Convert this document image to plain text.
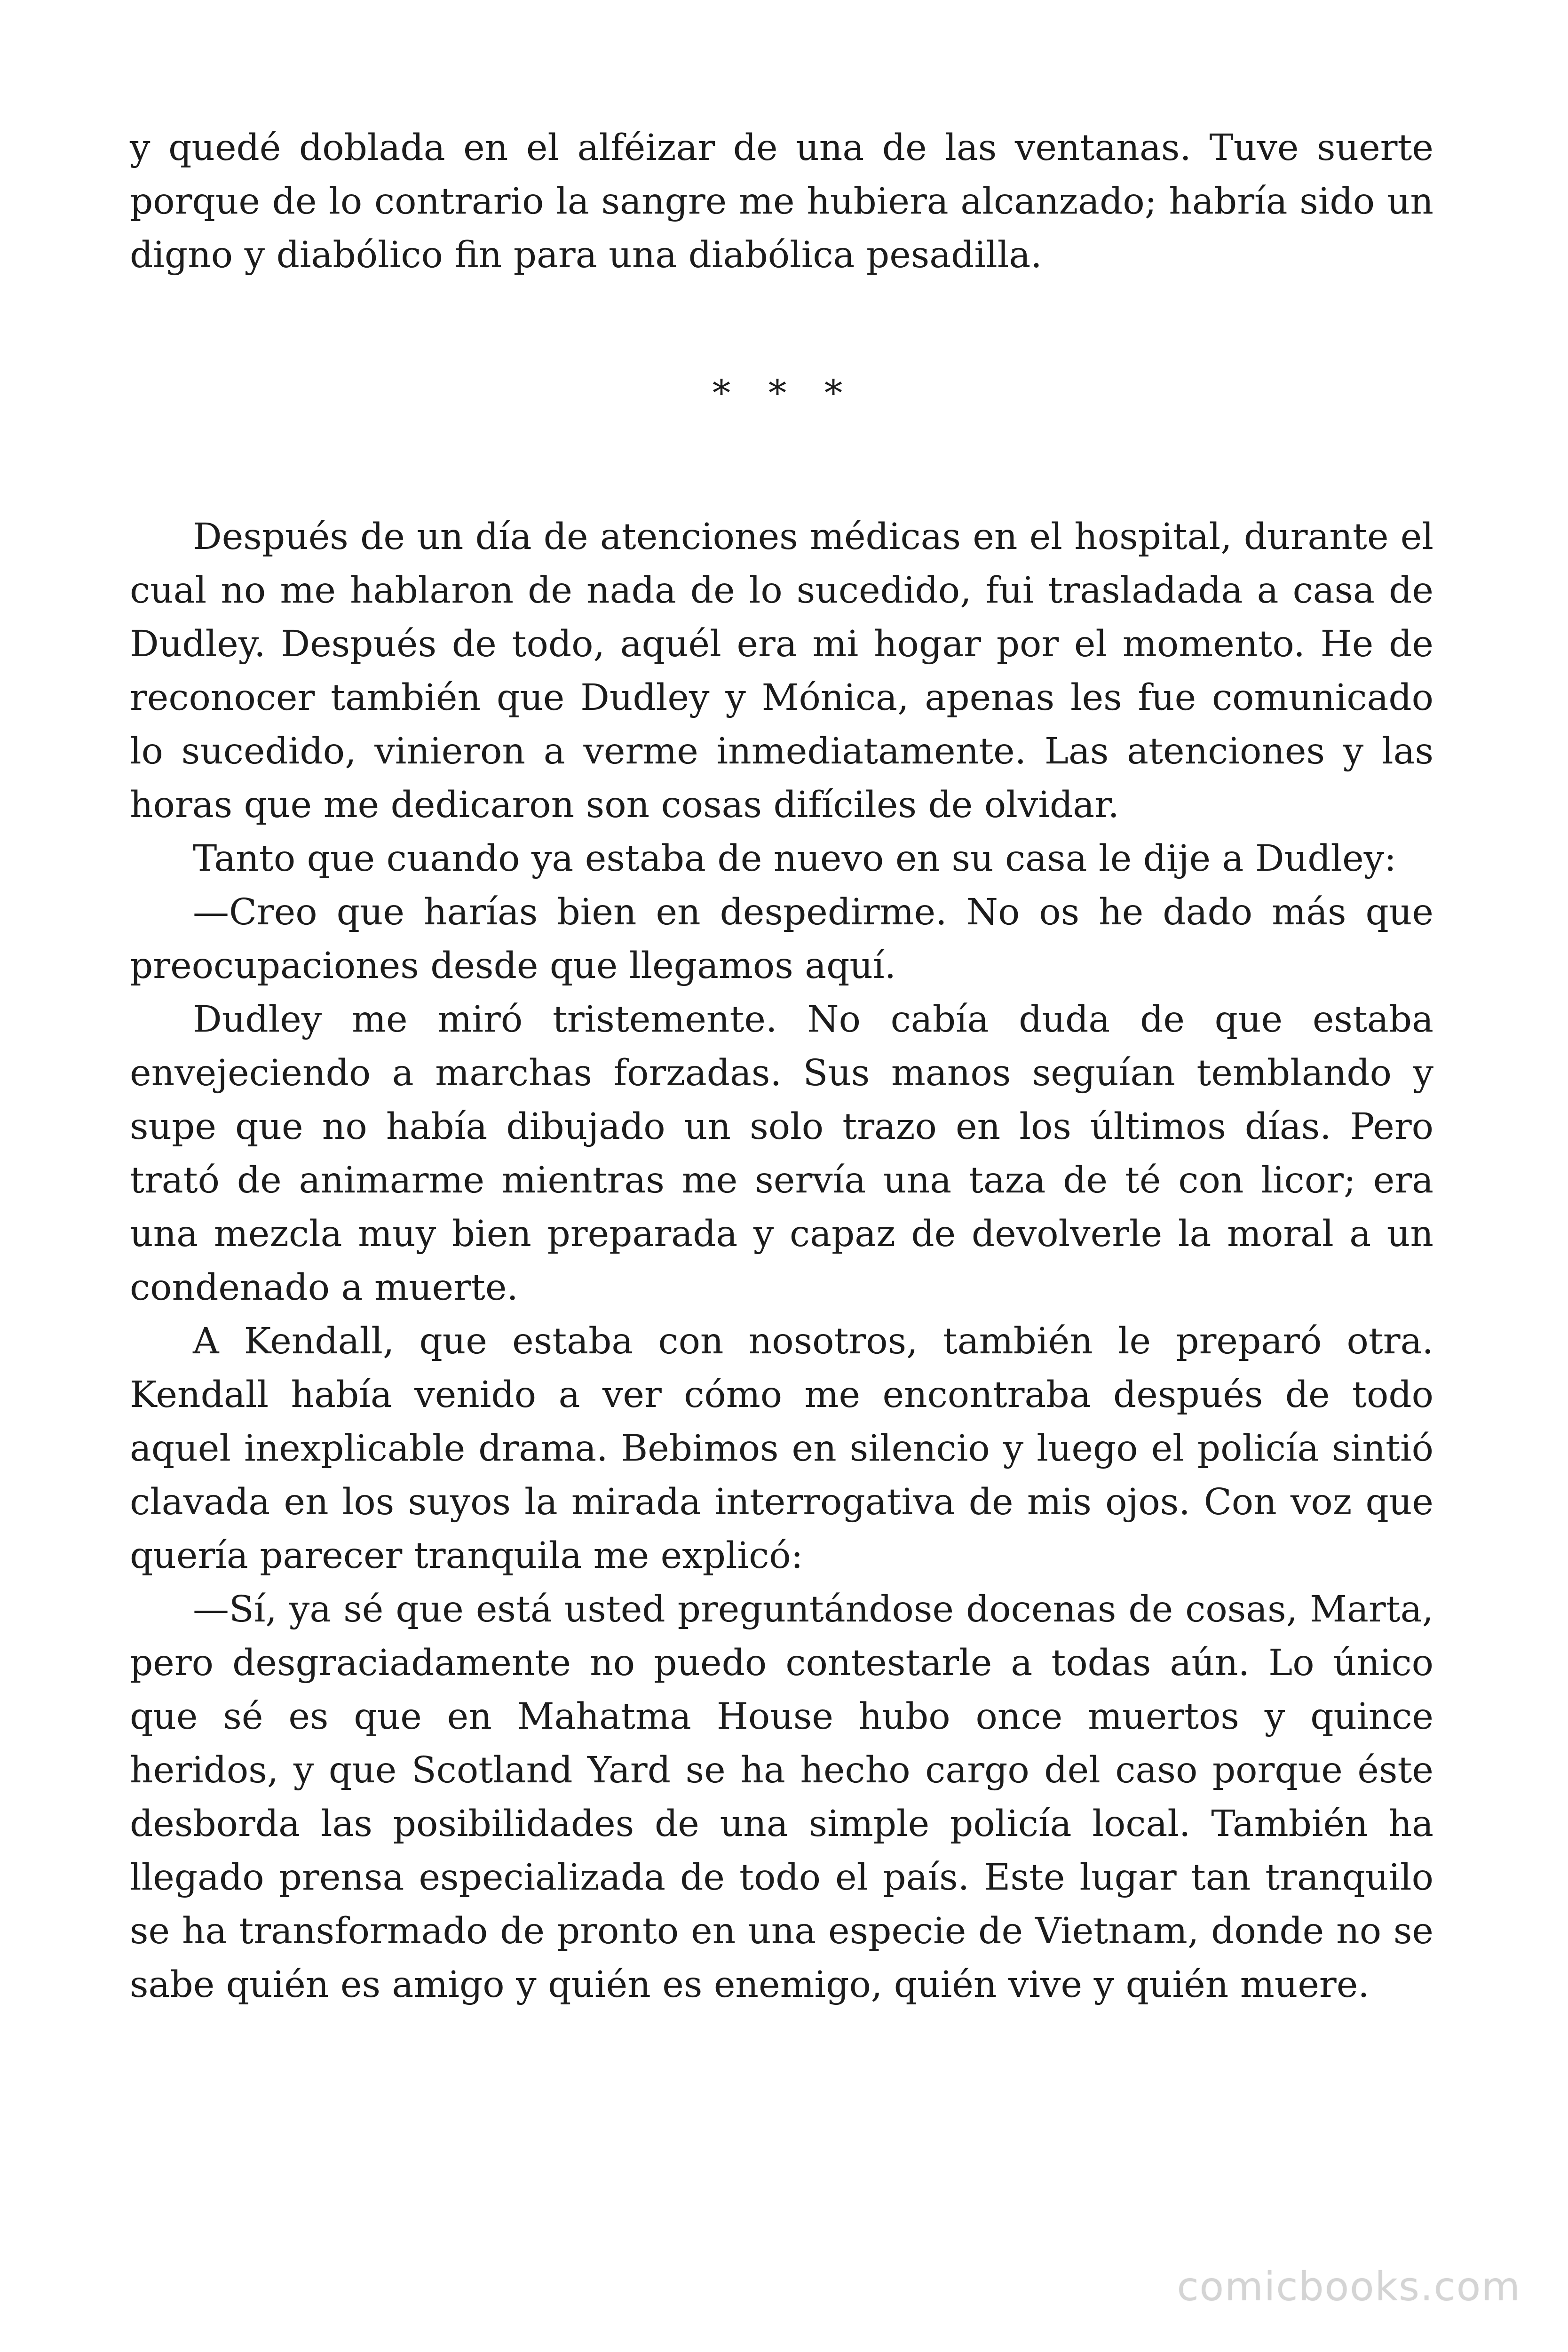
y quedé doblada en el alféizar de una de las ventanas. Tuve suerte porque de lo contrario la sangre me hubiera alcanzado; habría sido un digno y diabólico fin para una diabólica pesadilla.

* * *

Después de un día de atenciones médicas en el hospital, durante el cual no me hablaron de nada de lo sucedido, fui trasladada a casa de Dudley. Después de todo, aquél era mi hogar por el momento. He de reconocer también que Dudley y Mónica, apenas les fue comunicado lo sucedido, vinieron a verme inmediatamente. Las atenciones y las horas que me dedicaron son cosas difíciles de olvidar.

Tanto que cuando ya estaba de nuevo en su casa le dije a Dudley:

—Creo que harías bien en despedirme. No os he dado más que preocupaciones desde que llegamos aquí.

Dudley me miró tristemente. No cabía duda de que estaba envejeciendo a marchas forzadas. Sus manos seguían temblando y supe que no había dibujado un solo trazo en los últimos días. Pero trató de animarme mientras me servía una taza de té con licor; era una mezcla muy bien preparada y capaz de devolverle la moral a un condenado a muerte.

A Kendall, que estaba con nosotros, también le preparó otra. Kendall había venido a ver cómo me encontraba después de todo aquel inexplicable drama. Bebimos en silencio y luego el policía sintió clavada en los suyos la mirada interrogativa de mis ojos. Con voz que quería parecer tranquila me explicó:

—Sí, ya sé que está usted preguntándose docenas de cosas, Marta, pero desgraciadamente no puedo contestarle a todas aún. Lo único que sé es que en Mahatma House hubo once muertos y quince heridos, y que Scotland Yard se ha hecho cargo del caso porque éste desborda las posibilidades de una simple policía local. También ha llegado prensa especializada de todo el país. Este lugar tan tranquilo se ha transformado de pronto en una especie de Vietnam, donde no se sabe quién es amigo y quién es enemigo, quién vive y quién muere.

comicbooks.com
